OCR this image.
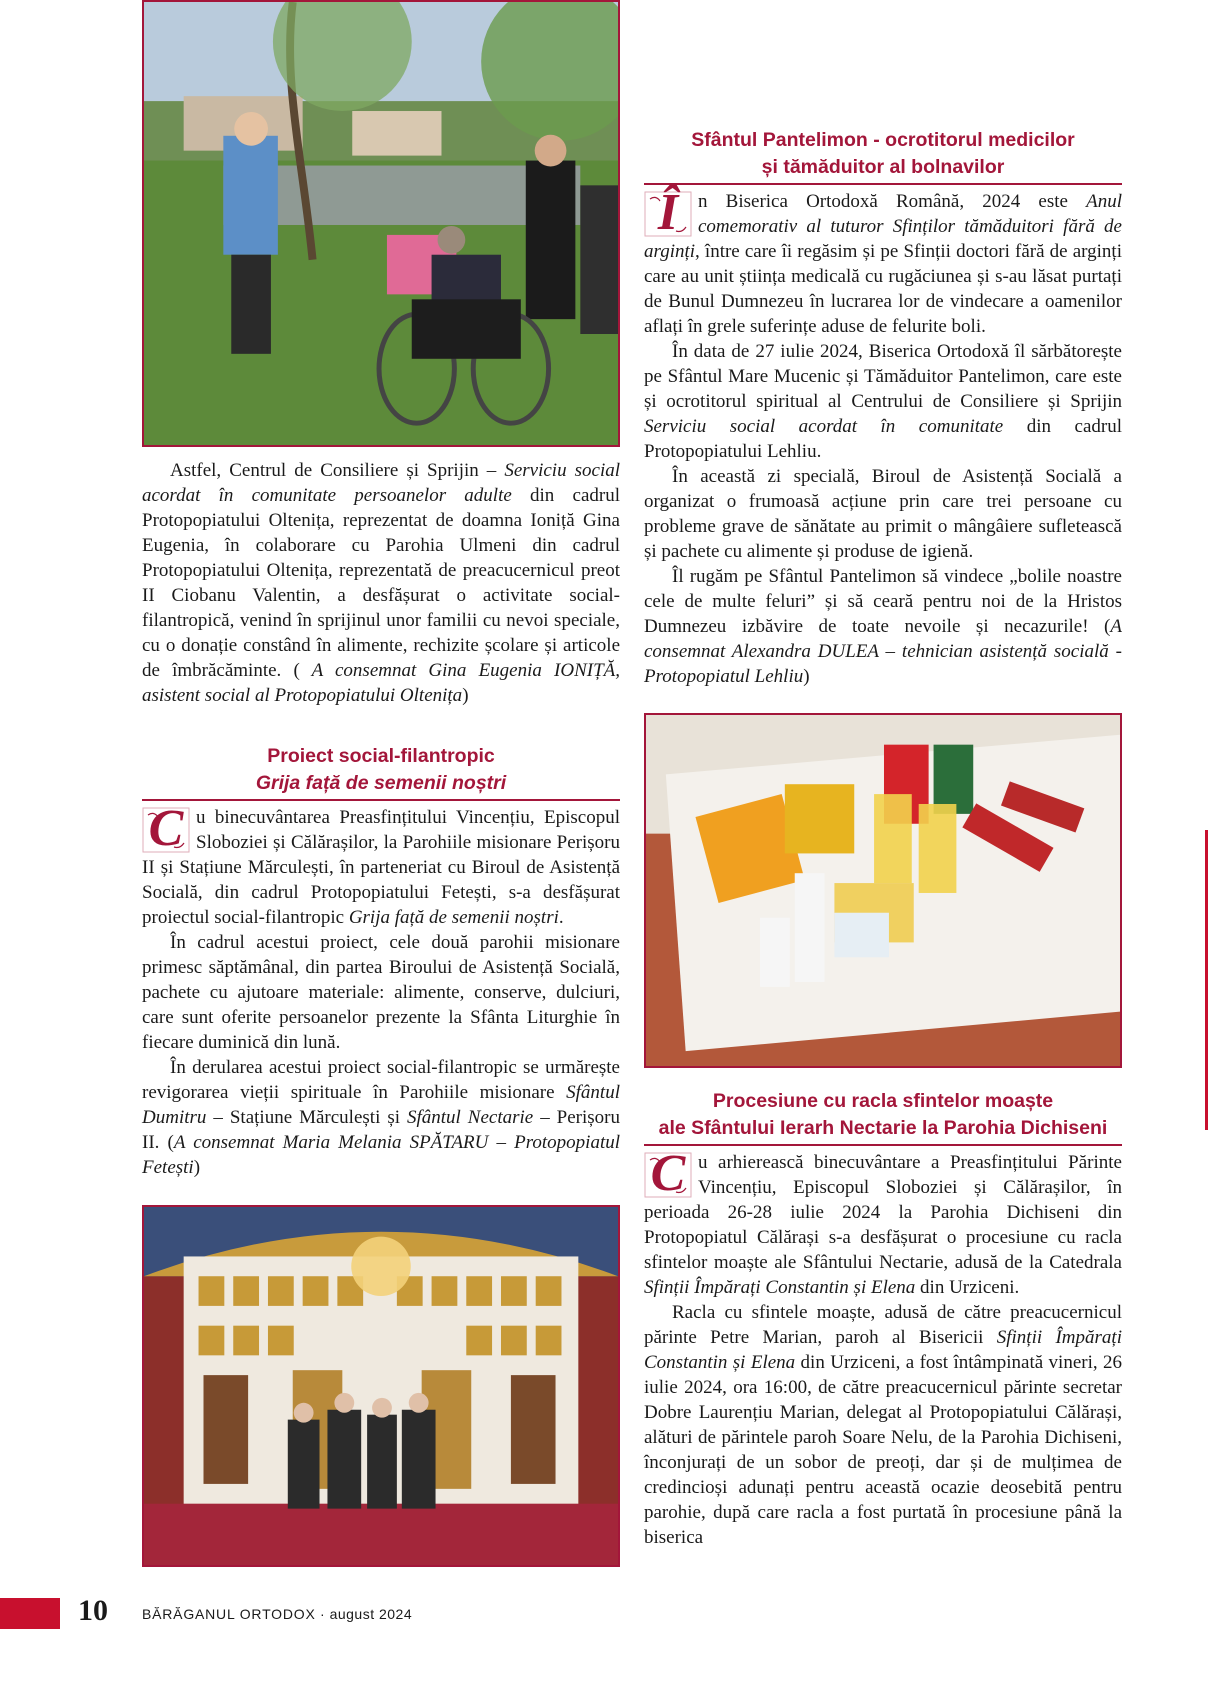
Astfel, Centrul de Consiliere și Sprijin – Serviciu social acordat în comunitate persoanelor adulte din cadrul Protopopiatului Oltenița, reprezentat de doamna Ioniță Gina Eugenia, în colaborare cu Parohia Ulmeni din cadrul Protopopiatului Oltenița, reprezentată de preacucernicul preot II Ciobanu Valentin, a desfășurat o activitate social-filantropică, venind în sprijinul unor familii cu nevoi speciale, cu o donație constând în alimente, rechizite școlare și articole de îmbrăcăminte. ( A consemnat Gina Eugenia IONIȚĂ, asistent social al Protopopiatului Oltenița)

Proiect social-filantropic
Grija față de semenii noștri

C u binecuvântarea Preasfințitului Vincențiu, Episcopul Sloboziei și Călărașilor, la Parohiile misionare Perișoru II și Stațiune Mărculești, în parteneriat cu Biroul de Asistență Socială, din cadrul Protopopiatului Fetești, s-a desfășurat proiectul social-filantropic Grija față de semenii noștri.

În cadrul acestui proiect, cele două parohii misionare primesc săptămânal, din partea Biroului de Asistență Socială, pachete cu ajutoare materiale: alimente, conserve, dulciuri, care sunt oferite persoanelor prezente la Sfânta Liturghie în fiecare duminică din lună.

În derularea acestui proiect social-filantropic se urmărește revigorarea vieții spirituale în Parohiile misionare Sfântul Dumitru – Stațiune Mărculești și Sfântul Nectarie – Perișoru II. (A consemnat Maria Melania SPĂTARU – Protopopiatul Fetești)

Sfântul Pantelimon - ocrotitorul medicilor
și tămăduitor al bolnavilor

Î	n Biserica Ortodoxă Română, 2024 este Anul comemorativ al tuturor Sfinților tămăduitori fără de arginți, între care îi regăsim și pe Sfinții doctori fără de arginți care au unit știința medicală cu rugăciunea și s-au lăsat purtați de Bunul Dumnezeu în lucrarea lor de vindecare a oamenilor aflați în grele suferințe aduse de felurite boli.

În data de 27 iulie 2024, Biserica Ortodoxă îl sărbătorește pe Sfântul Mare Mucenic și Tămăduitor Pantelimon, care este și ocrotitorul spiritual al Centrului de Consiliere și Sprijin Serviciu social acordat în comunitate din cadrul Protopopiatului Lehliu.

În această zi specială, Biroul de Asistență Socială a organizat o frumoasă acțiune prin care trei persoane cu probleme grave de sănătate au primit o mângâiere sufletească și pachete cu alimente și produse de igienă.

Îl rugăm pe Sfântul Pantelimon să vindece „bolile noastre cele de multe feluri” și să ceară pentru noi de la Hristos Dumnezeu izbăvire de toate nevoile și necazurile! (A consemnat Alexandra DULEA – tehnician asistență socială - Protopopiatul Lehliu)

Procesiune cu racla sfintelor moaște
ale Sfântului Ierarh Nectarie la Parohia Dichiseni

C u arhierească binecuvântare a Preasfințitului Părinte Vincențiu, Episcopul Sloboziei și Călărașilor, în perioada 26-28 iulie 2024 la Parohia Dichiseni din Protopopiatul Călărași s-a desfășurat o procesiune cu racla sfintelor moaște ale Sfântului Nectarie, adusă de la Catedrala Sfinții Împărați Constantin și Elena din Urziceni.

Racla cu sfintele moaște, adusă de către preacucernicul părinte Petre Marian, paroh al Bisericii Sfinții Împărați Constantin și Elena din Urziceni, a fost întâmpinată vineri, 26 iulie 2024, ora 16:00, de către preacucernicul părinte secretar Dobre Laurențiu Marian, delegat al Protopopiatului Călărași, alături de părintele paroh Soare Nelu, de la Parohia Dichiseni, înconjurați de un sobor de preoți, dar și de mulțimea de credincioși adunați pentru această ocazie deosebită pentru parohie, după care racla a fost purtată în procesiune până la biserica

10 BĂRĂGANUL ORTODOX · august 2024
